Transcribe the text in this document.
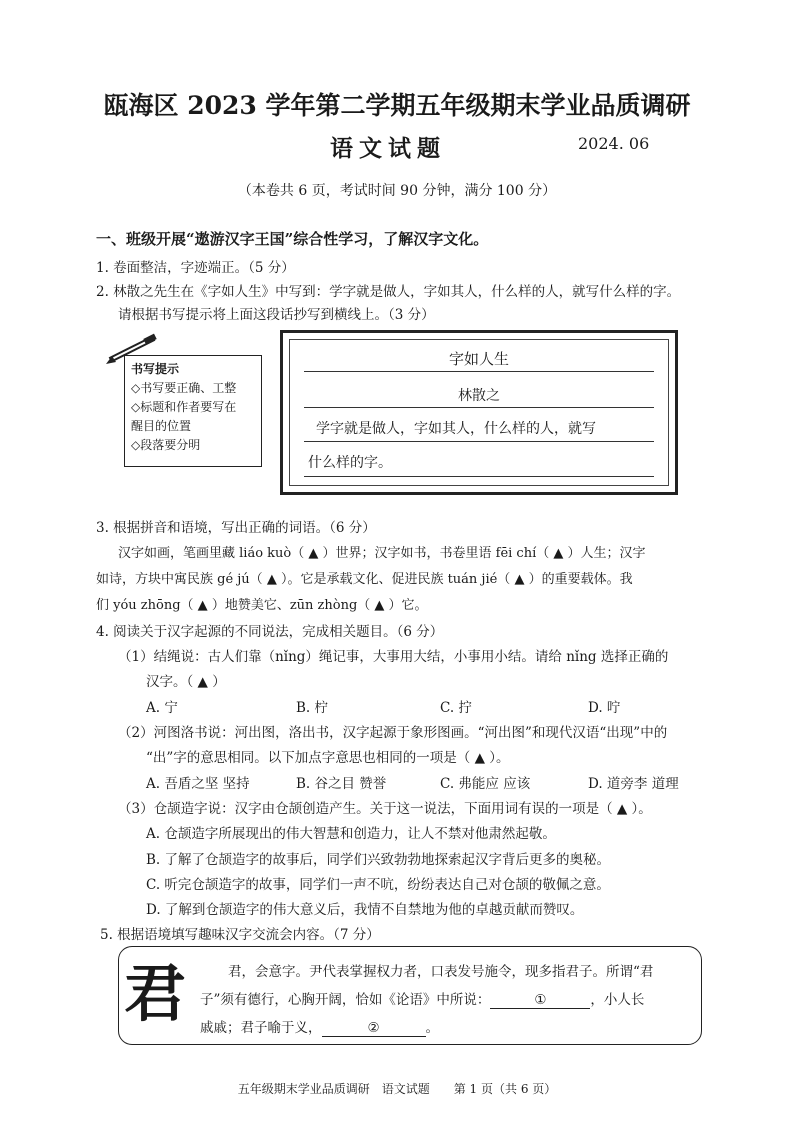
瓯海区 2023 学年第二学期五年级期末学业品质调研
语文试题	2024. 06
（本卷共 6 页，考试时间 90 分钟，满分 100 分）
一、班级开展“遨游汉字王国”综合性学习，了解汉字文化。
1. 卷面整洁，字迹端正。（5 分）
2. 林散之先生在《字如人生》中写到：学字就是做人，字如其人，什么样的人，就写什么样的字。
请根据书写提示将上面这段话抄写到横线上。（3 分）
书写提示
◇书写要正确、工整
◇标题和作者要写在
醒目的位置
◇段落要分明
字如人生
林散之
学字就是做人，字如其人，什么样的人，就写
什么样的字。
3. 根据拼音和语境，写出正确的词语。（6 分）
汉字如画，笔画里藏 liáo kuò（ ▲ ）世界；汉字如书，书卷里语 fēi chí（ ▲ ）人生；汉字
如诗，方块中寓民族 gé jú（ ▲ ）。它是承载文化、促进民族 tuán jié（ ▲ ）的重要载体。我
们 yóu zhōng（ ▲ ）地赞美它、zūn zhòng（ ▲ ）它。
4. 阅读关于汉字起源的不同说法，完成相关题目。（6 分）
（1）结绳说：古人们靠（nǐng）绳记事，大事用大结，小事用小结。请给 nǐng 选择正确的
汉字。（ ▲ ）
A. 宁	B. 柠	C. 拧	D. 咛
（2）河图洛书说：河出图，洛出书，汉字起源于象形图画。“河出图”和现代汉语“出现”中的
“出”字的意思相同。以下加点字意思也相同的一项是（ ▲ ）。
A. 吾盾之坚 坚持	B. 谷之目 赞誉	C. 弗能应 应该	D. 道旁李 道理
（3）仓颉造字说：汉字由仓颉创造产生。关于这一说法，下面用词有误的一项是（ ▲ ）。
A. 仓颉造字所展现出的伟大智慧和创造力，让人不禁对他肃然起敬。
B. 了解了仓颉造字的故事后，同学们兴致勃勃地探索起汉字背后更多的奥秘。
C. 听完仓颉造字的故事，同学们一声不吭，纷纷表达自己对仓颉的敬佩之意。
D. 了解到仓颉造字的伟大意义后，我情不自禁地为他的卓越贡献而赞叹。
5. 根据语境填写趣味汉字交流会内容。（7 分）
君	君，会意字。尹代表掌握权力者，口表发号施令，现多指君子。所谓“君
子”须有德行，心胸开阔，恰如《论语》中所说：	①	，小人长
戚戚；君子喻于义，	②	。
五年级期末学业品质调研　语文试题　　第 1 页（共 6 页）
